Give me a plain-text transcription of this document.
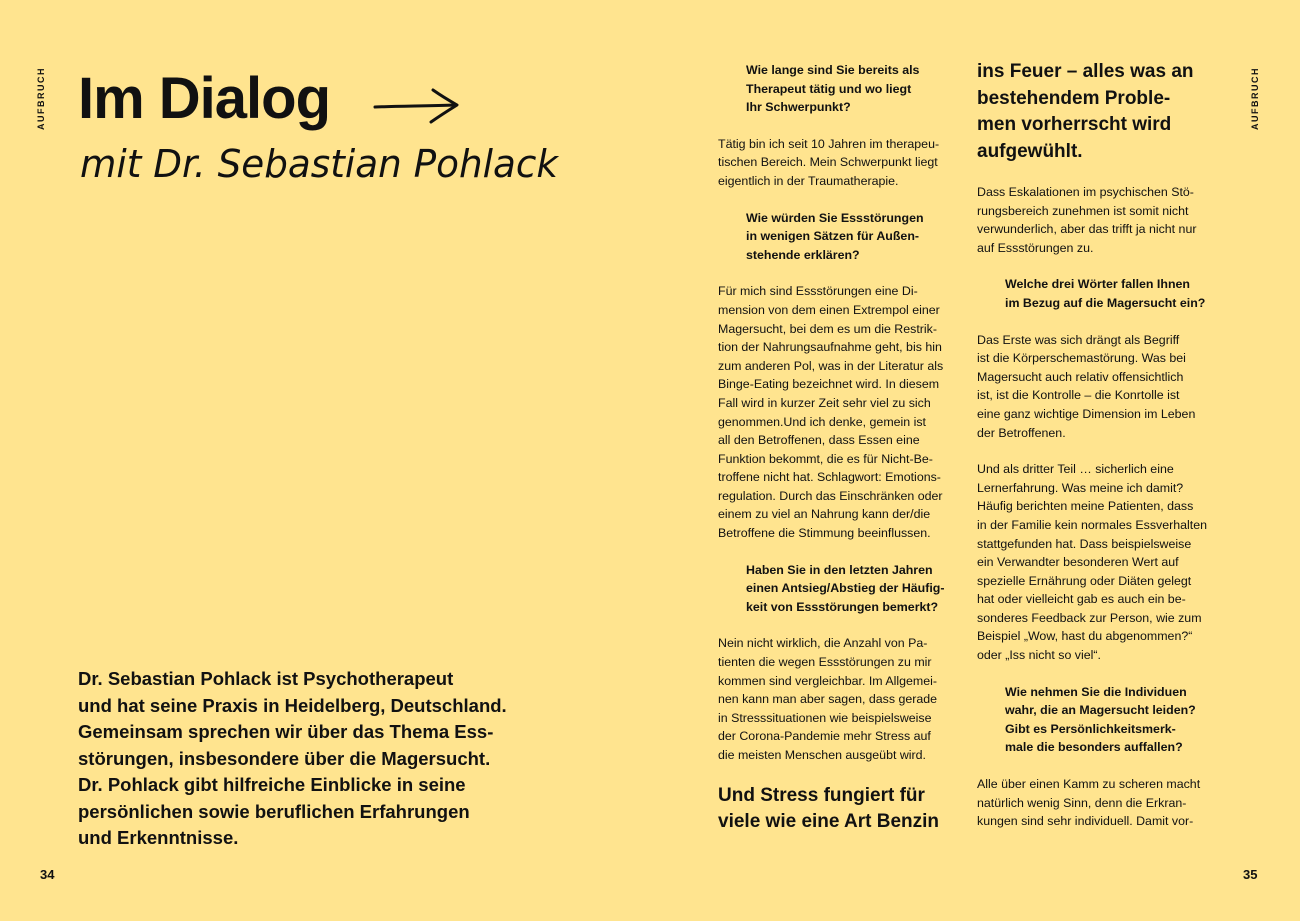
AUFBRUCH Im Dialog
mit Dr. Sebastian Pohlack
Dr. Sebastian Pohlack ist Psychotherapeut
und hat seine Praxis in Heidelberg, Deutschland.
Gemeinsam sprechen wir über das Thema Ess-
störungen, insbesondere über die Magersucht.
Dr. Pohlack gibt hilfreiche Einblicke in seine
persönlichen sowie beruflichen Erfahrungen
und Erkenntnisse.
34
AUFBRUCH

Wie lange sind Sie bereits als
Therapeut tätig und wo liegt
Ihr Schwerpunkt?

Tätig bin ich seit 10 Jahren im therapeu-
tischen Bereich. Mein Schwerpunkt liegt
eigentlich in der Traumatherapie.

Wie würden Sie Essstörungen
in wenigen Sätzen für Außen-
stehende erklären?

Für mich sind Essstörungen eine Di-
mension von dem einen Extrempol einer
Magersucht, bei dem es um die Restrik-
tion der Nahrungsaufnahme geht, bis hin
zum anderen Pol, was in der Literatur als
Binge-Eating bezeichnet wird. In diesem
Fall wird in kurzer Zeit sehr viel zu sich
genommen.Und ich denke, gemein ist
all den Betroffenen, dass Essen eine
Funktion bekommt, die es für Nicht-Be-
troffene nicht hat. Schlagwort: Emotions-
regulation. Durch das Einschränken oder
einem zu viel an Nahrung kann der/die
Betroffene die Stimmung beeinflussen.

Haben Sie in den letzten Jahren
einen Antsieg/Abstieg der Häufig-
keit von Essstörungen bemerkt?

Nein nicht wirklich, die Anzahl von Pa-
tienten die wegen Essstörungen zu mir
kommen sind vergleichbar. Im Allgemei-
nen kann man aber sagen, dass gerade
in Stresssituationen wie beispielsweise
der Corona-Pandemie mehr Stress auf
die meisten Menschen ausgeübt wird.

Und Stress fungiert für
viele wie eine Art Benzin

ins Feuer – alles was an
bestehendem Proble-
men vorherrscht wird
aufgewühlt.

Dass Eskalationen im psychischen Stö-
rungsbereich zunehmen ist somit nicht
verwunderlich, aber das trifft ja nicht nur
auf Essstörungen zu.

Welche drei Wörter fallen Ihnen
im Bezug auf die Magersucht ein?

Das Erste was sich drängt als Begriff
ist die Körperschemastörung. Was bei
Magersucht auch relativ offensichtlich
ist, ist die Kontrolle – die Konrtolle ist
eine ganz wichtige Dimension im Leben
der Betroffenen.

Und als dritter Teil … sicherlich eine
Lernerfahrung. Was meine ich damit?
Häufig berichten meine Patienten, dass
in der Familie kein normales Essverhalten
stattgefunden hat. Dass beispielsweise
ein Verwandter besonderen Wert auf
spezielle Ernährung oder Diäten gelegt
hat oder vielleicht gab es auch ein be-
sonderes Feedback zur Person, wie zum
Beispiel „Wow, hast du abgenommen?“
oder „Iss nicht so viel“.

Wie nehmen Sie die Individuen
wahr, die an Magersucht leiden?
Gibt es Persönlichkeitsmerk-
male die besonders auffallen?

Alle über einen Kamm zu scheren macht
natürlich wenig Sinn, denn die Erkran-
kungen sind sehr individuell. Damit vor-

35
